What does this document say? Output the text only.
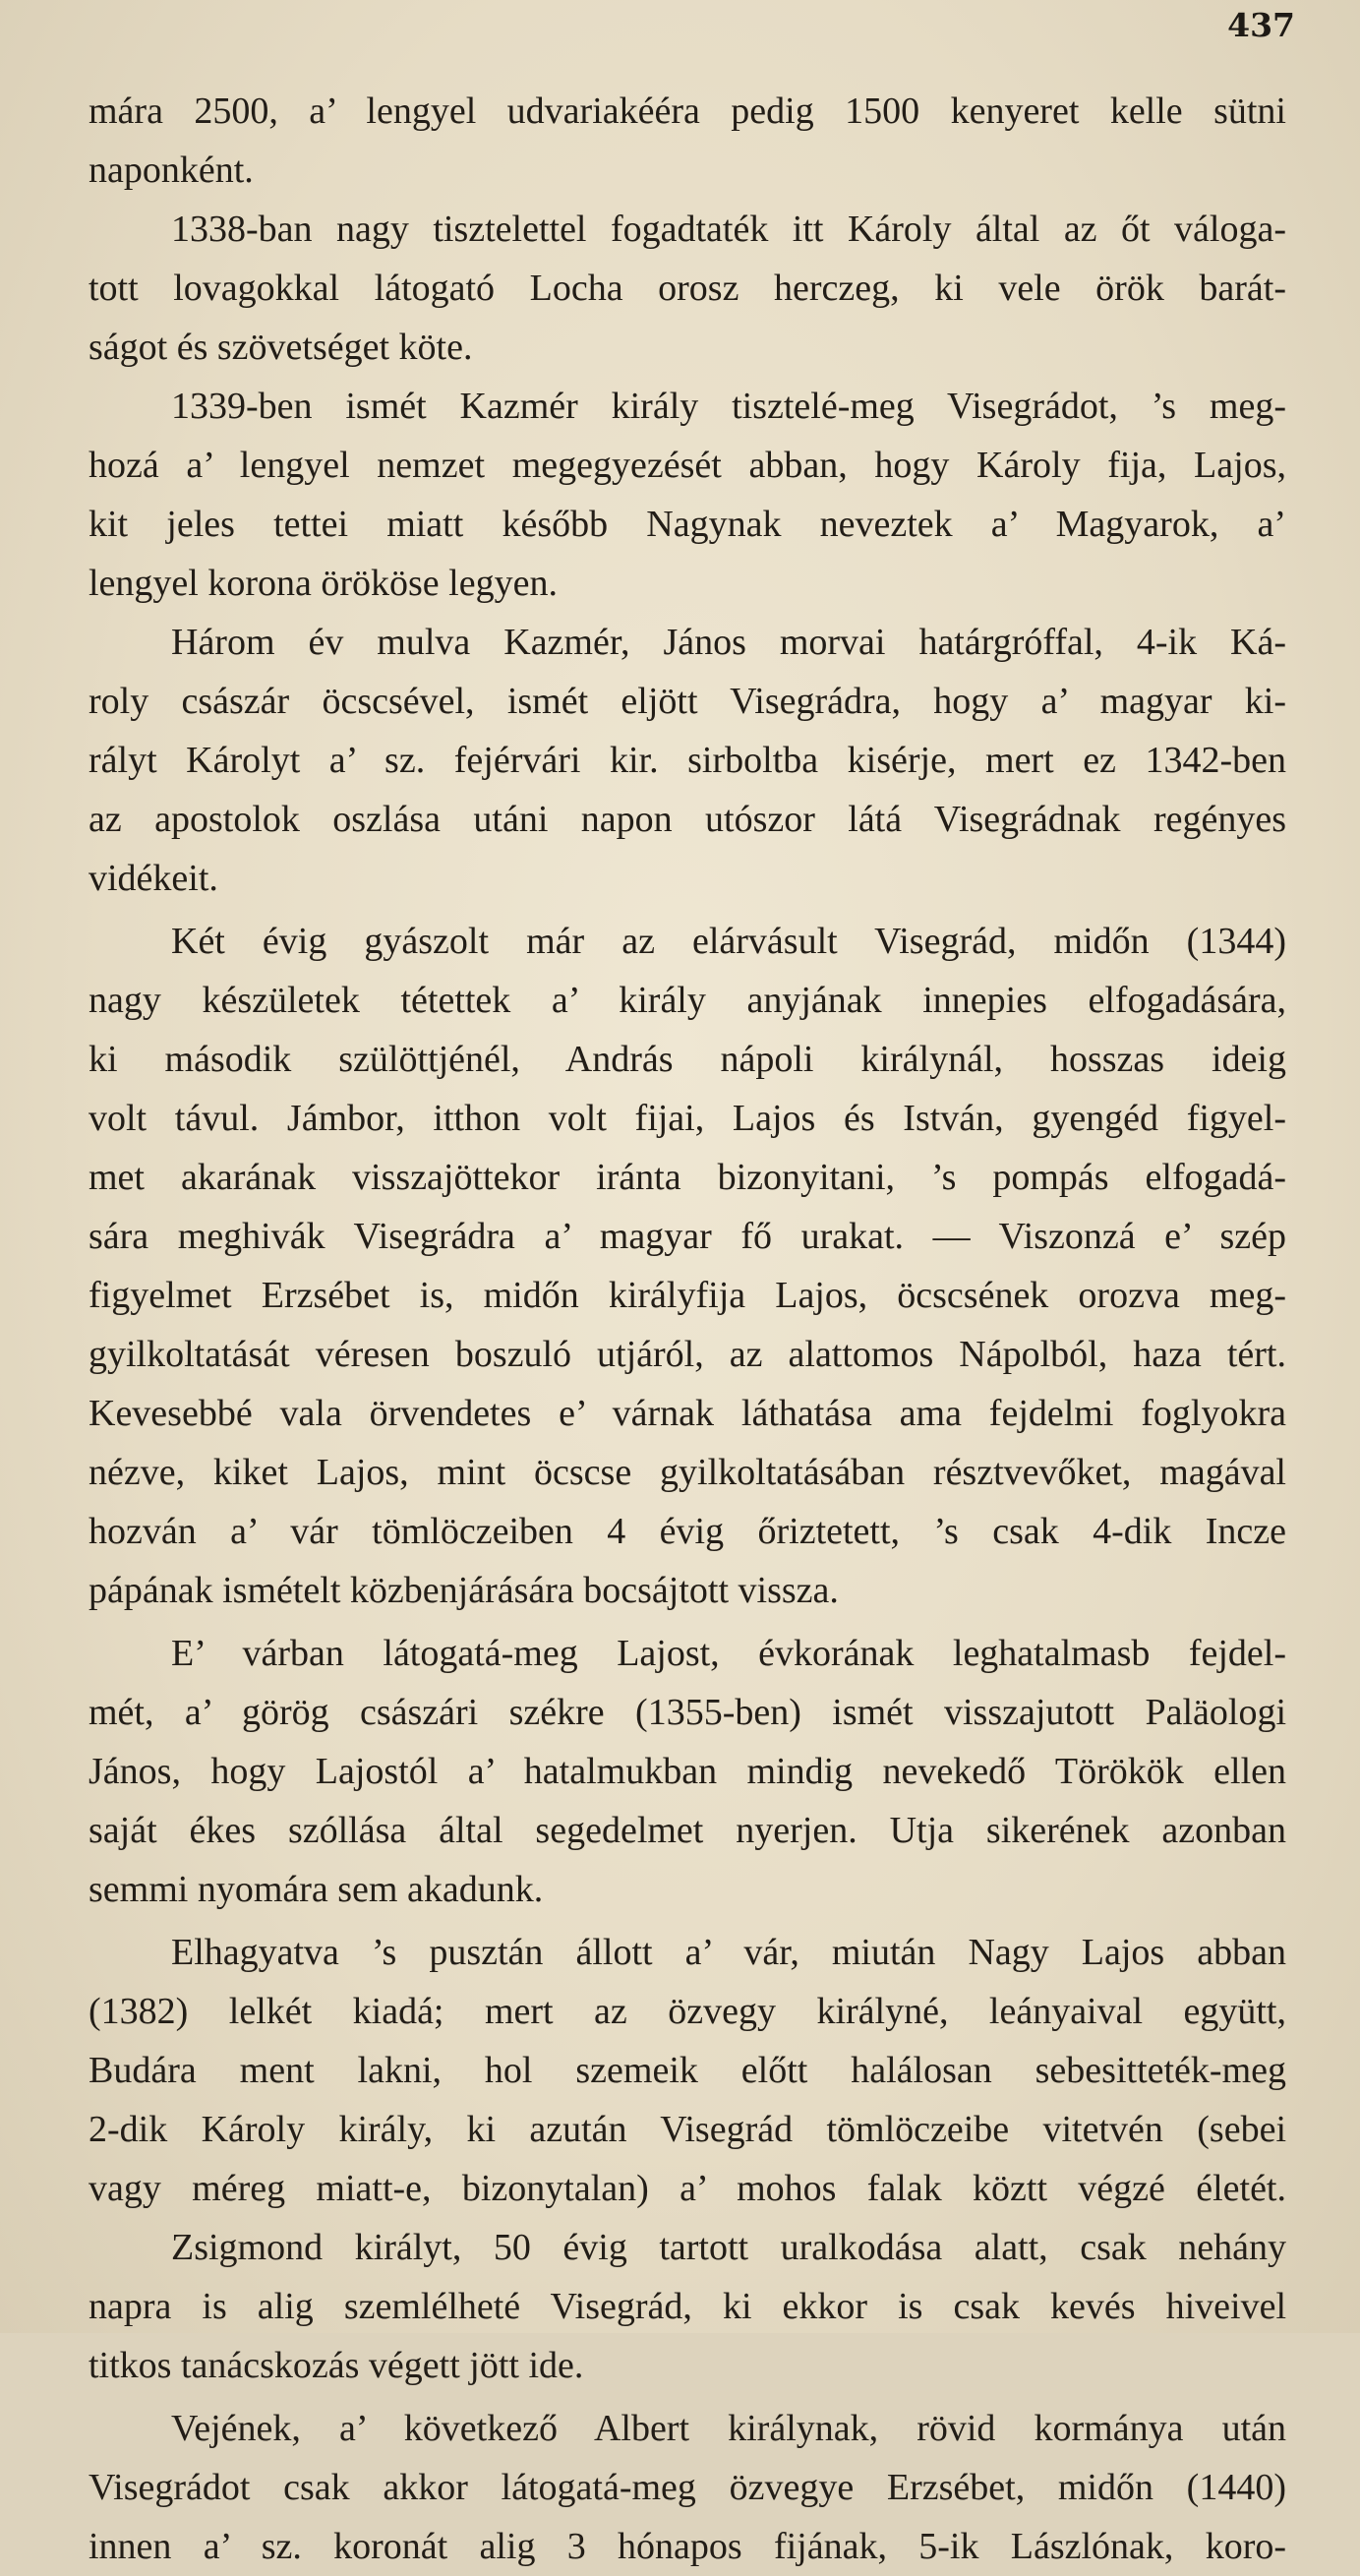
437
mára 2500, a’ lengyel udvariakééra pedig 1500 kenyeret kelle sütni
naponként.
1338-ban nagy tisztelettel fogadtaték itt Károly által az őt váloga-
tott lovagokkal látogató Locha orosz herczeg, ki vele örök barát-
ságot és szövetséget köte.
1339-ben ismét Kazmér király tisztelé-meg Visegrádot, ’s meg-
hozá a’ lengyel nemzet megegyezését abban, hogy Károly fija, Lajos,
kit jeles tettei miatt később Nagynak neveztek a’ Magyarok, a’
lengyel korona örököse legyen.
Három év mulva Kazmér, János morvai határgróffal, 4-ik Ká-
roly császár öcscsével, ismét eljött Visegrádra, hogy a’ magyar ki-
rályt Károlyt a’ sz. fejérvári kir. sirboltba kisérje, mert ez 1342-ben
az apostolok oszlása utáni napon utószor látá Visegrádnak regényes
vidékeit.
Két évig gyászolt már az elárvásult Visegrád, midőn (1344)
nagy készületek tétettek a’ király anyjának innepies elfogadására,
ki második szülöttjénél, András nápoli királynál, hosszas ideig
volt távul. Jámbor, itthon volt fijai, Lajos és István, gyengéd figyel-
met akarának visszajöttekor iránta bizonyitani, ’s pompás elfogadá-
sára meghivák Visegrádra a’ magyar fő urakat. — Viszonzá e’ szép
figyelmet Erzsébet is, midőn királyfija Lajos, öcscsének orozva meg-
gyilkoltatását véresen boszuló utjáról, az alattomos Nápolból, haza tért.
Kevesebbé vala örvendetes e’ várnak láthatása ama fejdelmi foglyokra
nézve, kiket Lajos, mint öcscse gyilkoltatásában résztvevőket, magával
hozván a’ vár tömlöczeiben 4 évig őriztetett, ’s csak 4-dik Incze
pápának ismételt közbenjárására bocsájtott vissza.
E’ várban látogatá-meg Lajost, évkorának leghatalmasb fejdel-
mét, a’ görög császári székre (1355-ben) ismét visszajutott Paläologi
János, hogy Lajostól a’ hatalmukban mindig nevekedő Törökök ellen
saját ékes szóllása által segedelmet nyerjen. Utja sikerének azonban
semmi nyomára sem akadunk.
Elhagyatva ’s pusztán állott a’ vár, miután Nagy Lajos abban
(1382) lelkét kiadá; mert az özvegy királyné, leányaival együtt,
Budára ment lakni, hol szemeik előtt halálosan sebesitteték-meg
2-dik Károly király, ki azután Visegrád tömlöczeibe vitetvén (sebei
vagy méreg miatt-e, bizonytalan) a’ mohos falak köztt végzé életét.
Zsigmond királyt, 50 évig tartott uralkodása alatt, csak nehány
napra is alig szemlélheté Visegrád, ki ekkor is csak kevés hiveivel
titkos tanácskozás végett jött ide.
Vejének, a’ következő Albert királynak, rövid kormánya után
Visegrádot csak akkor látogatá-meg özvegye Erzsébet, midőn (1440)
innen a’ sz. koronát alig 3 hónapos fijának, 5-ik Lászlónak, koro-
